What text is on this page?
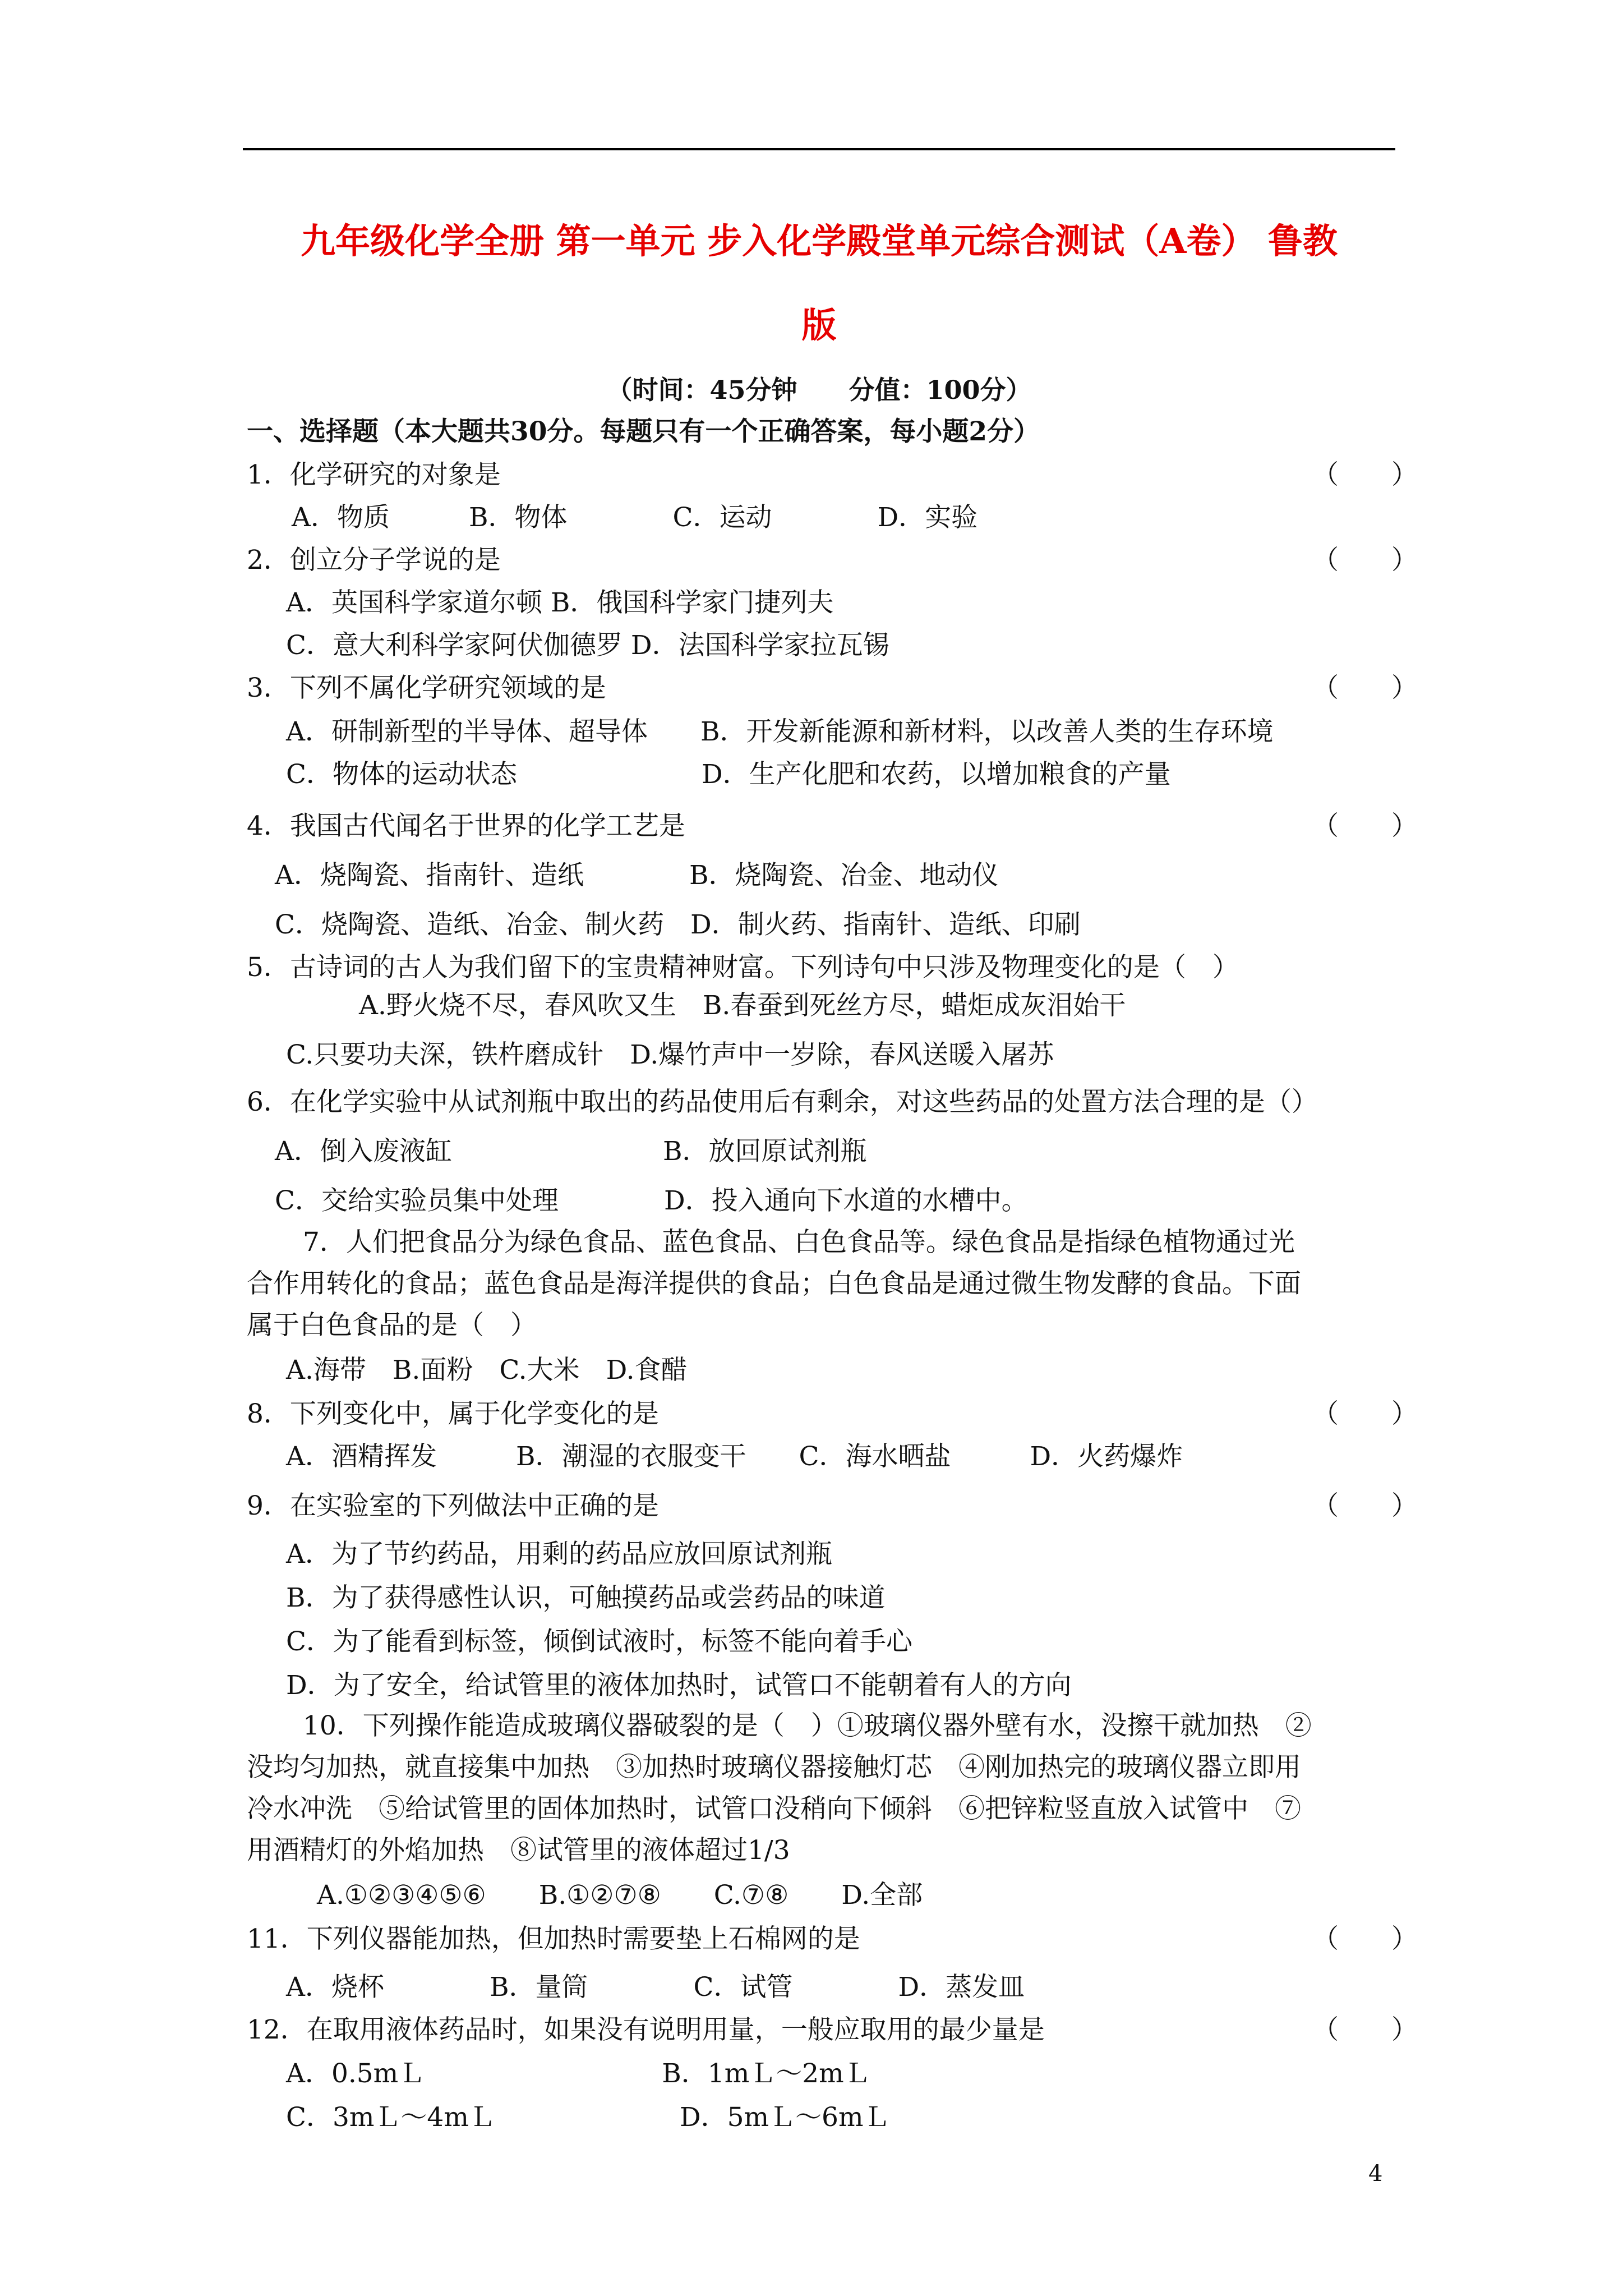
九年级化学全册 第一单元 步入化学殿堂单元综合测试（A卷） 鲁教
版
（时间：45分钟　　分值：100分）
一、选择题（本大题共30分。每题只有一个正确答案，每小题2分）
1．化学研究的对象是	（　　）
A．物质　　　B．物体　　　　C．运动　　　　D．实验
2．创立分子学说的是	（　　）
A．英国科学家道尔顿 B．俄国科学家门捷列夫
C．意大利科学家阿伏伽德罗 D．法国科学家拉瓦锡
3．下列不属化学研究领域的是	（　　）
A．研制新型的半导体、超导体　　B．开发新能源和新材料，以改善人类的生存环境
C．物体的运动状态　　　　　　　D．生产化肥和农药，以增加粮食的产量
4．我国古代闻名于世界的化学工艺是	（　　）
A．烧陶瓷、指南针、造纸　　　　B．烧陶瓷、冶金、地动仪
C．烧陶瓷、造纸、冶金、制火药　D．制火药、指南针、造纸、印刷
5．古诗词的古人为我们留下的宝贵精神财富。下列诗句中只涉及物理变化的是（　）
A.野火烧不尽，春风吹又生　B.春蚕到死丝方尽，蜡炬成灰泪始干
C.只要功夫深，铁杵磨成针　D.爆竹声中一岁除，春风送暖入屠苏
6．在化学实验中从试剂瓶中取出的药品使用后有剩余，对这些药品的处置方法合理的是（）
A．倒入废液缸　　　　　　　　B．放回原试剂瓶
C．交给实验员集中处理　　　　D．投入通向下水道的水槽中。
7．人们把食品分为绿色食品、蓝色食品、白色食品等。绿色食品是指绿色植物通过光
合作用转化的食品；蓝色食品是海洋提供的食品；白色食品是通过微生物发酵的食品。下面
属于白色食品的是（　）
A.海带　B.面粉　C.大米　D.食醋
8．下列变化中，属于化学变化的是	（　　）
A．酒精挥发　　　B．潮湿的衣服变干　　C．海水晒盐　　　D．火药爆炸
9．在实验室的下列做法中正确的是	（　　）
A．为了节约药品，用剩的药品应放回原试剂瓶
B．为了获得感性认识，可触摸药品或尝药品的味道
C．为了能看到标签，倾倒试液时，标签不能向着手心
D．为了安全，给试管里的液体加热时，试管口不能朝着有人的方向
10．下列操作能造成玻璃仪器破裂的是（　）①玻璃仪器外壁有水，没擦干就加热　②
没均匀加热，就直接集中加热　③加热时玻璃仪器接触灯芯　④刚加热完的玻璃仪器立即用
冷水冲洗　⑤给试管里的固体加热时，试管口没稍向下倾斜　⑥把锌粒竖直放入试管中　⑦
用酒精灯的外焰加热　⑧试管里的液体超过1/3
A.①②③④⑤⑥　　B.①②⑦⑧　　C.⑦⑧　　D.全部
11．下列仪器能加热，但加热时需要垫上石棉网的是	（　　）
A．烧杯　　　　B．量筒　　　　C．试管　　　　D．蒸发皿
12．在取用液体药品时，如果没有说明用量，一般应取用的最少量是	（　　）
A．0.5mＬ　　　　　　　　　B．1mＬ～2mＬ
C．3mＬ～4mＬ　　　　　　　D．5mＬ～6mＬ
4
